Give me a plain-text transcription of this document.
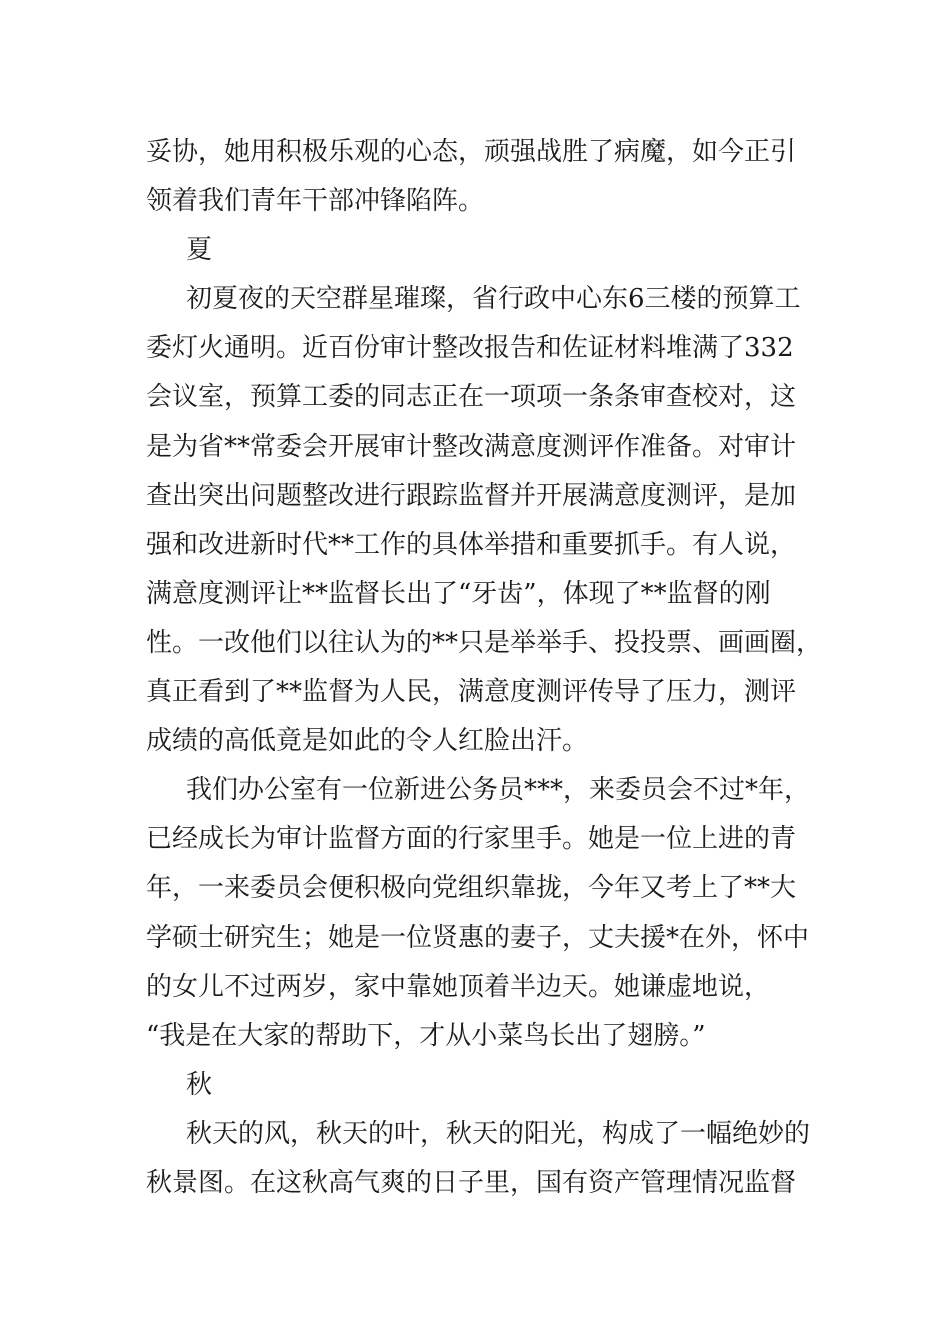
妥协，她用积极乐观的心态，顽强战胜了病魔，如今正引
领着我们青年干部冲锋陷阵。
夏
初夏夜的天空群星璀璨，省行政中心东6三楼的预算工
委灯火通明。近百份审计整改报告和佐证材料堆满了332
会议室，预算工委的同志正在一项项一条条审查校对，这
是为省**常委会开展审计整改满意度测评作准备。对审计
查出突出问题整改进行跟踪监督并开展满意度测评，是加
强和改进新时代**工作的具体举措和重要抓手。有人说，
满意度测评让**监督长出了“牙齿”，体现了**监督的刚
性。一改他们以往认为的**只是举举手、投投票、画画圈，
真正看到了**监督为人民，满意度测评传导了压力，测评
成绩的高低竟是如此的令人红脸出汗。
我们办公室有一位新进公务员***，来委员会不过*年，
已经成长为审计监督方面的行家里手。她是一位上进的青
年，一来委员会便积极向党组织靠拢，今年又考上了**大
学硕士研究生；她是一位贤惠的妻子，丈夫援*在外，怀中
的女儿不过两岁，家中靠她顶着半边天。她谦虚地说，
“我是在大家的帮助下，才从小菜鸟长出了翅膀。”
秋
秋天的风，秋天的叶，秋天的阳光，构成了一幅绝妙的
秋景图。在这秋高气爽的日子里，国有资产管理情况监督
